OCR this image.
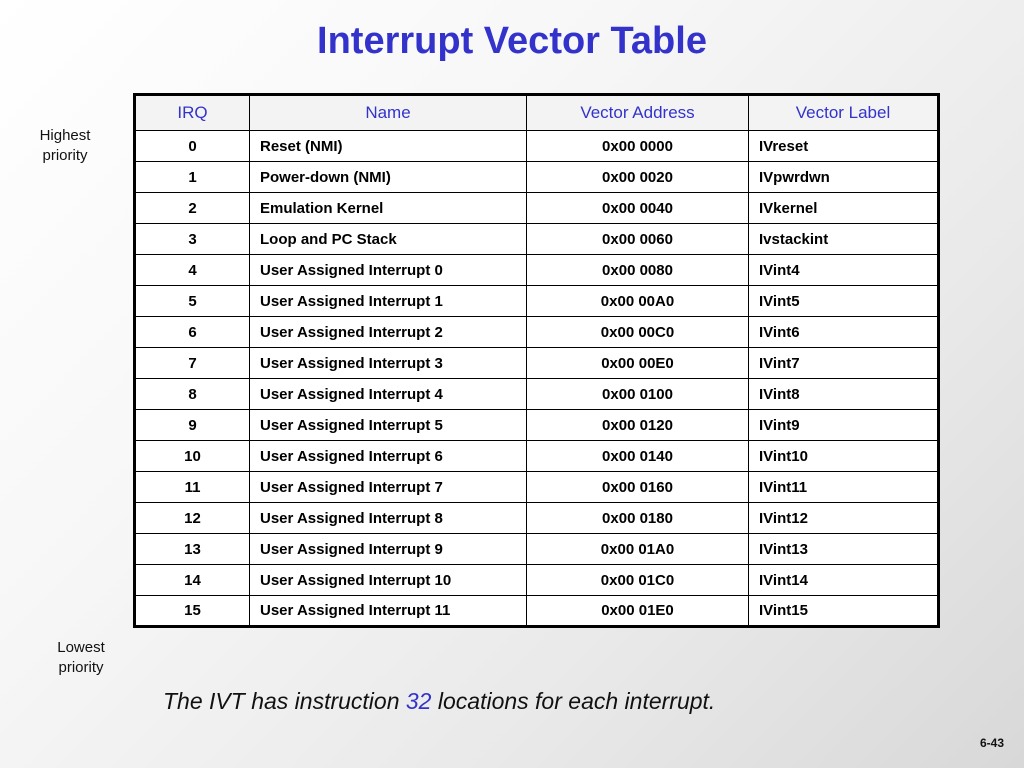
Interrupt Vector Table
Highest priority
Lowest priority
IRQ	Name	Vector Address	Vector Label
0	Reset (NMI)	0x00 0000	IVreset
1	Power-down (NMI)	0x00 0020	IVpwrdwn
2	Emulation Kernel	0x00 0040	IVkernel
3	Loop and PC Stack	0x00 0060	Ivstackint
4	User Assigned Interrupt 0	0x00 0080	IVint4
5	User Assigned Interrupt 1	0x00 00A0	IVint5
6	User Assigned Interrupt 2	0x00 00C0	IVint6
7	User Assigned Interrupt 3	0x00 00E0	IVint7
8	User Assigned Interrupt 4	0x00 0100	IVint8
9	User Assigned Interrupt 5	0x00 0120	IVint9
10	User Assigned Interrupt 6	0x00 0140	IVint10
11	User Assigned Interrupt 7	0x00 0160	IVint11
12	User Assigned Interrupt 8	0x00 0180	IVint12
13	User Assigned Interrupt 9	0x00 01A0	IVint13
14	User Assigned Interrupt 10	0x00 01C0	IVint14
15	User Assigned Interrupt 11	0x00 01E0	IVint15
The IVT has instruction 32 locations for each interrupt.
6-43
